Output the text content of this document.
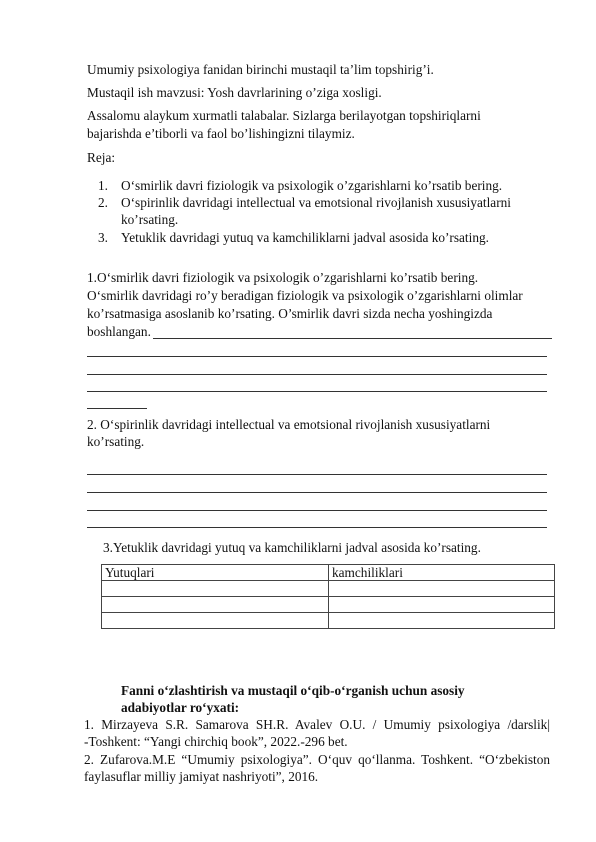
Umumiy psixologiya fanidan birinchi mustaqil ta’lim topshirig’i.
Mustaqil ish mavzusi: Yosh davrlarining o’ziga xosligi.
Assalomu alaykum xurmatli talabalar. Sizlarga berilayotgan topshiriqlarni
bajarishda e’tiborli va faol bo’lishingizni tilaymiz.
Reja:
1. O‘smirlik davri fiziologik va psixologik o’zgarishlarni ko’rsatib bering.
2. O‘spirinlik davridagi intellectual va emotsional rivojlanish xususiyatlarni
ko’rsating.
3. Yetuklik davridagi yutuq va kamchiliklarni jadval asosida ko’rsating.
1.O‘smirlik davri fiziologik va psixologik o’zgarishlarni ko’rsatib bering.
O‘smirlik davridagi ro’y beradigan fiziologik va psixologik o’zgarishlarni olimlar
ko’rsatmasiga asoslanib ko’rsating. O’smirlik davri sizda necha yoshingizda
boshlangan.
2. O‘spirinlik davridagi intellectual va emotsional rivojlanish xususiyatlarni
ko’rsating.
3.Yetuklik davridagi yutuq va kamchiliklarni jadval asosida ko’rsating.
Yutuqlari	kamchiliklari

Fanni o‘zlashtirish va mustaqil o‘qib-o‘rganish uchun asosiy
adabiyotlar ro‘yxati:
1. Mirzayeva S.R. Samarova SH.R. Avalev O.U. / Umumiy psixologiya /darslik|
-Toshkent: “Yangi chirchiq book”, 2022.-296 bet.
2. Zufarova.M.E “Umumiy psixologiya”. O‘quv qo‘llanma. Toshkent. “O‘zbekiston
faylasuflar milliy jamiyat nashriyoti”, 2016.
